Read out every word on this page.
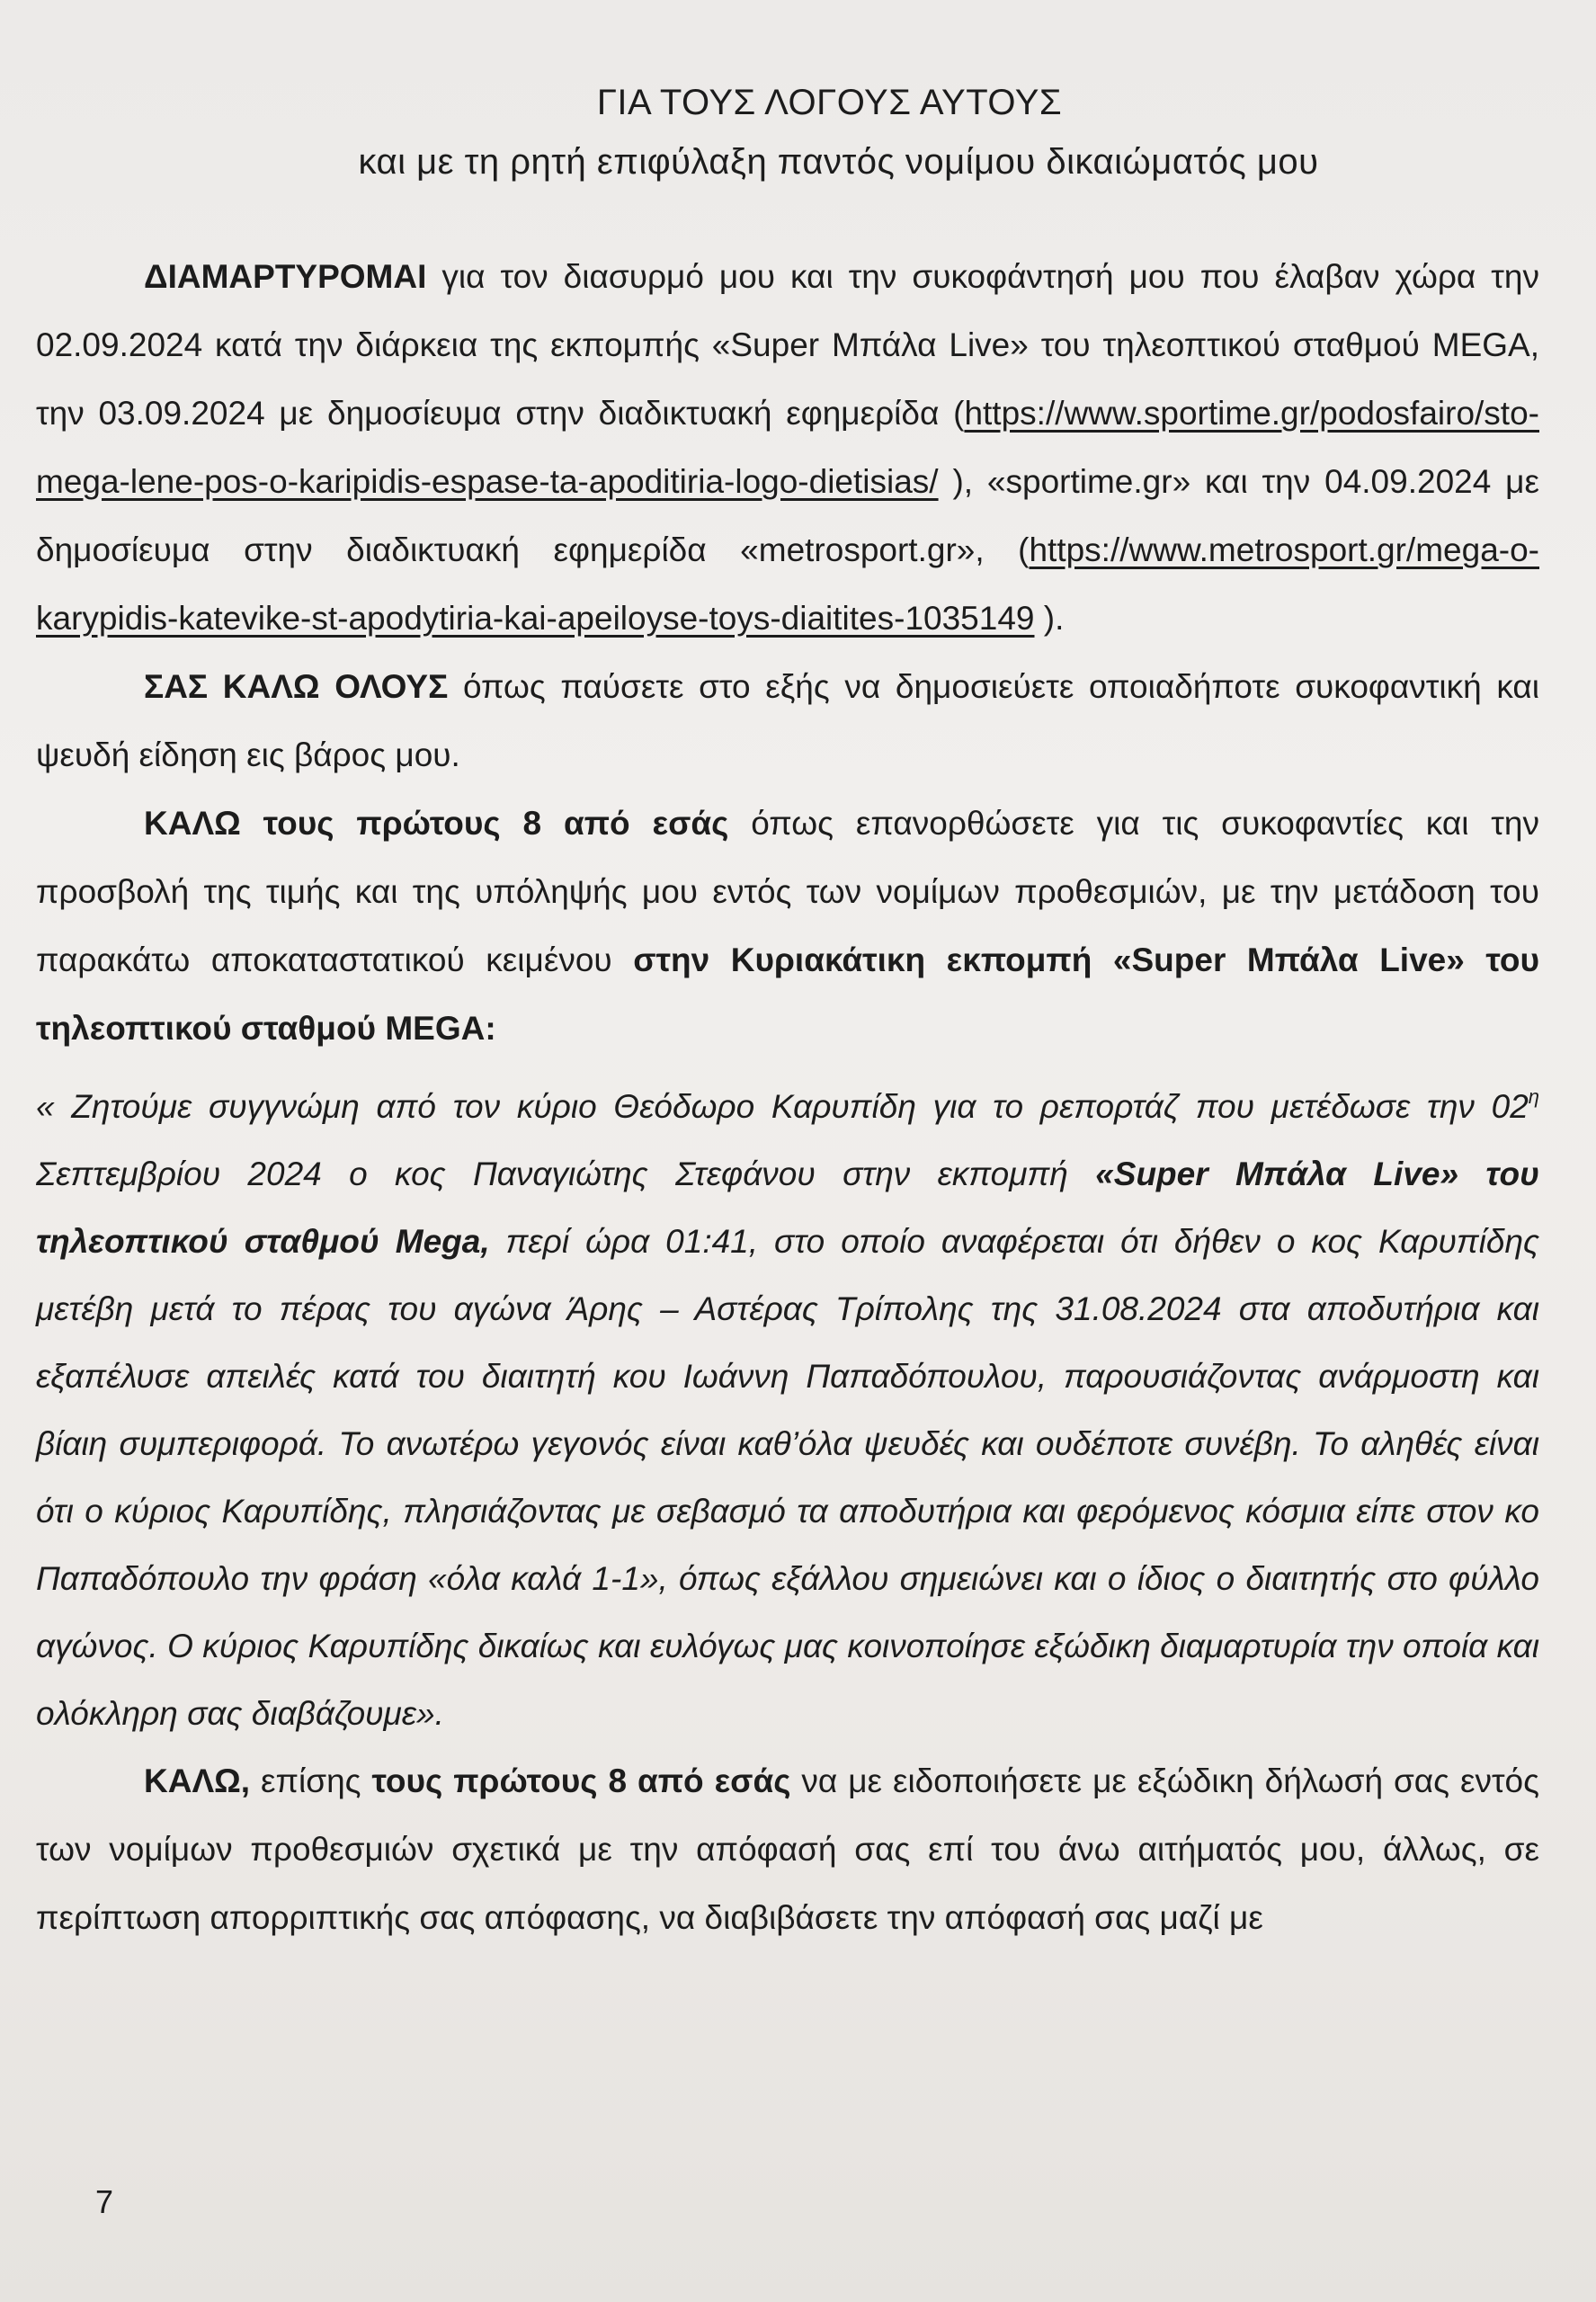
ΓΙΑ ΤΟΥΣ ΛΟΓΟΥΣ ΑΥΤΟΥΣ
και με τη ρητή επιφύλαξη παντός νομίμου δικαιώματός μου

ΔΙΑΜΑΡΤΥΡΟΜΑΙ για τον διασυρμό μου και την συκοφάντησή μου που έλαβαν χώρα την 02.09.2024 κατά την διάρκεια της εκπομπής «Super Μπάλα Live» του τηλεοπτικού σταθμού MEGA, την 03.09.2024 με δημοσίευμα στην διαδικτυακή εφημερίδα (https://www.sportime.gr/podosfairo/sto-mega-lene-pos-o-karipidis-espase-ta-apoditiria-logo-dietisias/ ), «sportime.gr» και την 04.09.2024 με δημοσίευμα στην διαδικτυακή εφημερίδα «metrosport.gr», (https://www.metrosport.gr/mega-o-karypidis-katevike-st-apodytiria-kai-apeiloyse-toys-diaitites-1035149 ).

ΣΑΣ ΚΑΛΩ ΟΛΟΥΣ όπως παύσετε στο εξής να δημοσιεύετε οποιαδήποτε συκοφαντική και ψευδή είδηση εις βάρος μου.

ΚΑΛΩ τους πρώτους 8 από εσάς όπως επανορθώσετε για τις συκοφαντίες και την προσβολή της τιμής και της υπόληψής μου εντός των νομίμων προθεσμιών, με την μετάδοση του παρακάτω αποκαταστατικού κειμένου στην Κυριακάτικη εκπομπή «Super Μπάλα Live» του τηλεοπτικού σταθμού MEGA:

« Ζητούμε συγγνώμη από τον κύριο Θεόδωρο Καρυπίδη για το ρεπορτάζ που μετέδωσε την $02^\eta$ Σεπτεμβρίου 2024 ο κος Παναγιώτης Στεφάνου στην εκπομπή «Super Μπάλα Live» του τηλεοπτικού σταθμού Mega, περί ώρα 01:41, στο οποίο αναφέρεται ότι δήθεν ο κος Καρυπίδης μετέβη μετά το πέρας του αγώνα Άρης – Αστέρας Τρίπολης της 31.08.2024 στα αποδυτήρια και εξαπέλυσε απειλές κατά του διαιτητή κου Ιωάννη Παπαδόπουλου, παρουσιάζοντας ανάρμοστη και βίαιη συμπεριφορά. Το ανωτέρω γεγονός είναι καθ’όλα ψευδές και ουδέποτε συνέβη. Το αληθές είναι ότι ο κύριος Καρυπίδης, πλησιάζοντας με σεβασμό τα αποδυτήρια και φερόμενος κόσμια είπε στον κο Παπαδόπουλο την φράση «όλα καλά 1-1», όπως εξάλλου σημειώνει και ο ίδιος ο διαιτητής στο φύλλο αγώνος. Ο κύριος Καρυπίδης δικαίως και ευλόγως μας κοινοποίησε εξώδικη διαμαρτυρία την οποία και ολόκληρη σας διαβάζουμε».

ΚΑΛΩ, επίσης τους πρώτους 8 από εσάς να με ειδοποιήσετε με εξώδικη δήλωσή σας εντός των νομίμων προθεσμιών σχετικά με την απόφασή σας επί του άνω αιτήματός μου, άλλως, σε περίπτωση απορριπτικής σας απόφασης, να διαβιβάσετε την απόφασή σας μαζί με

7
